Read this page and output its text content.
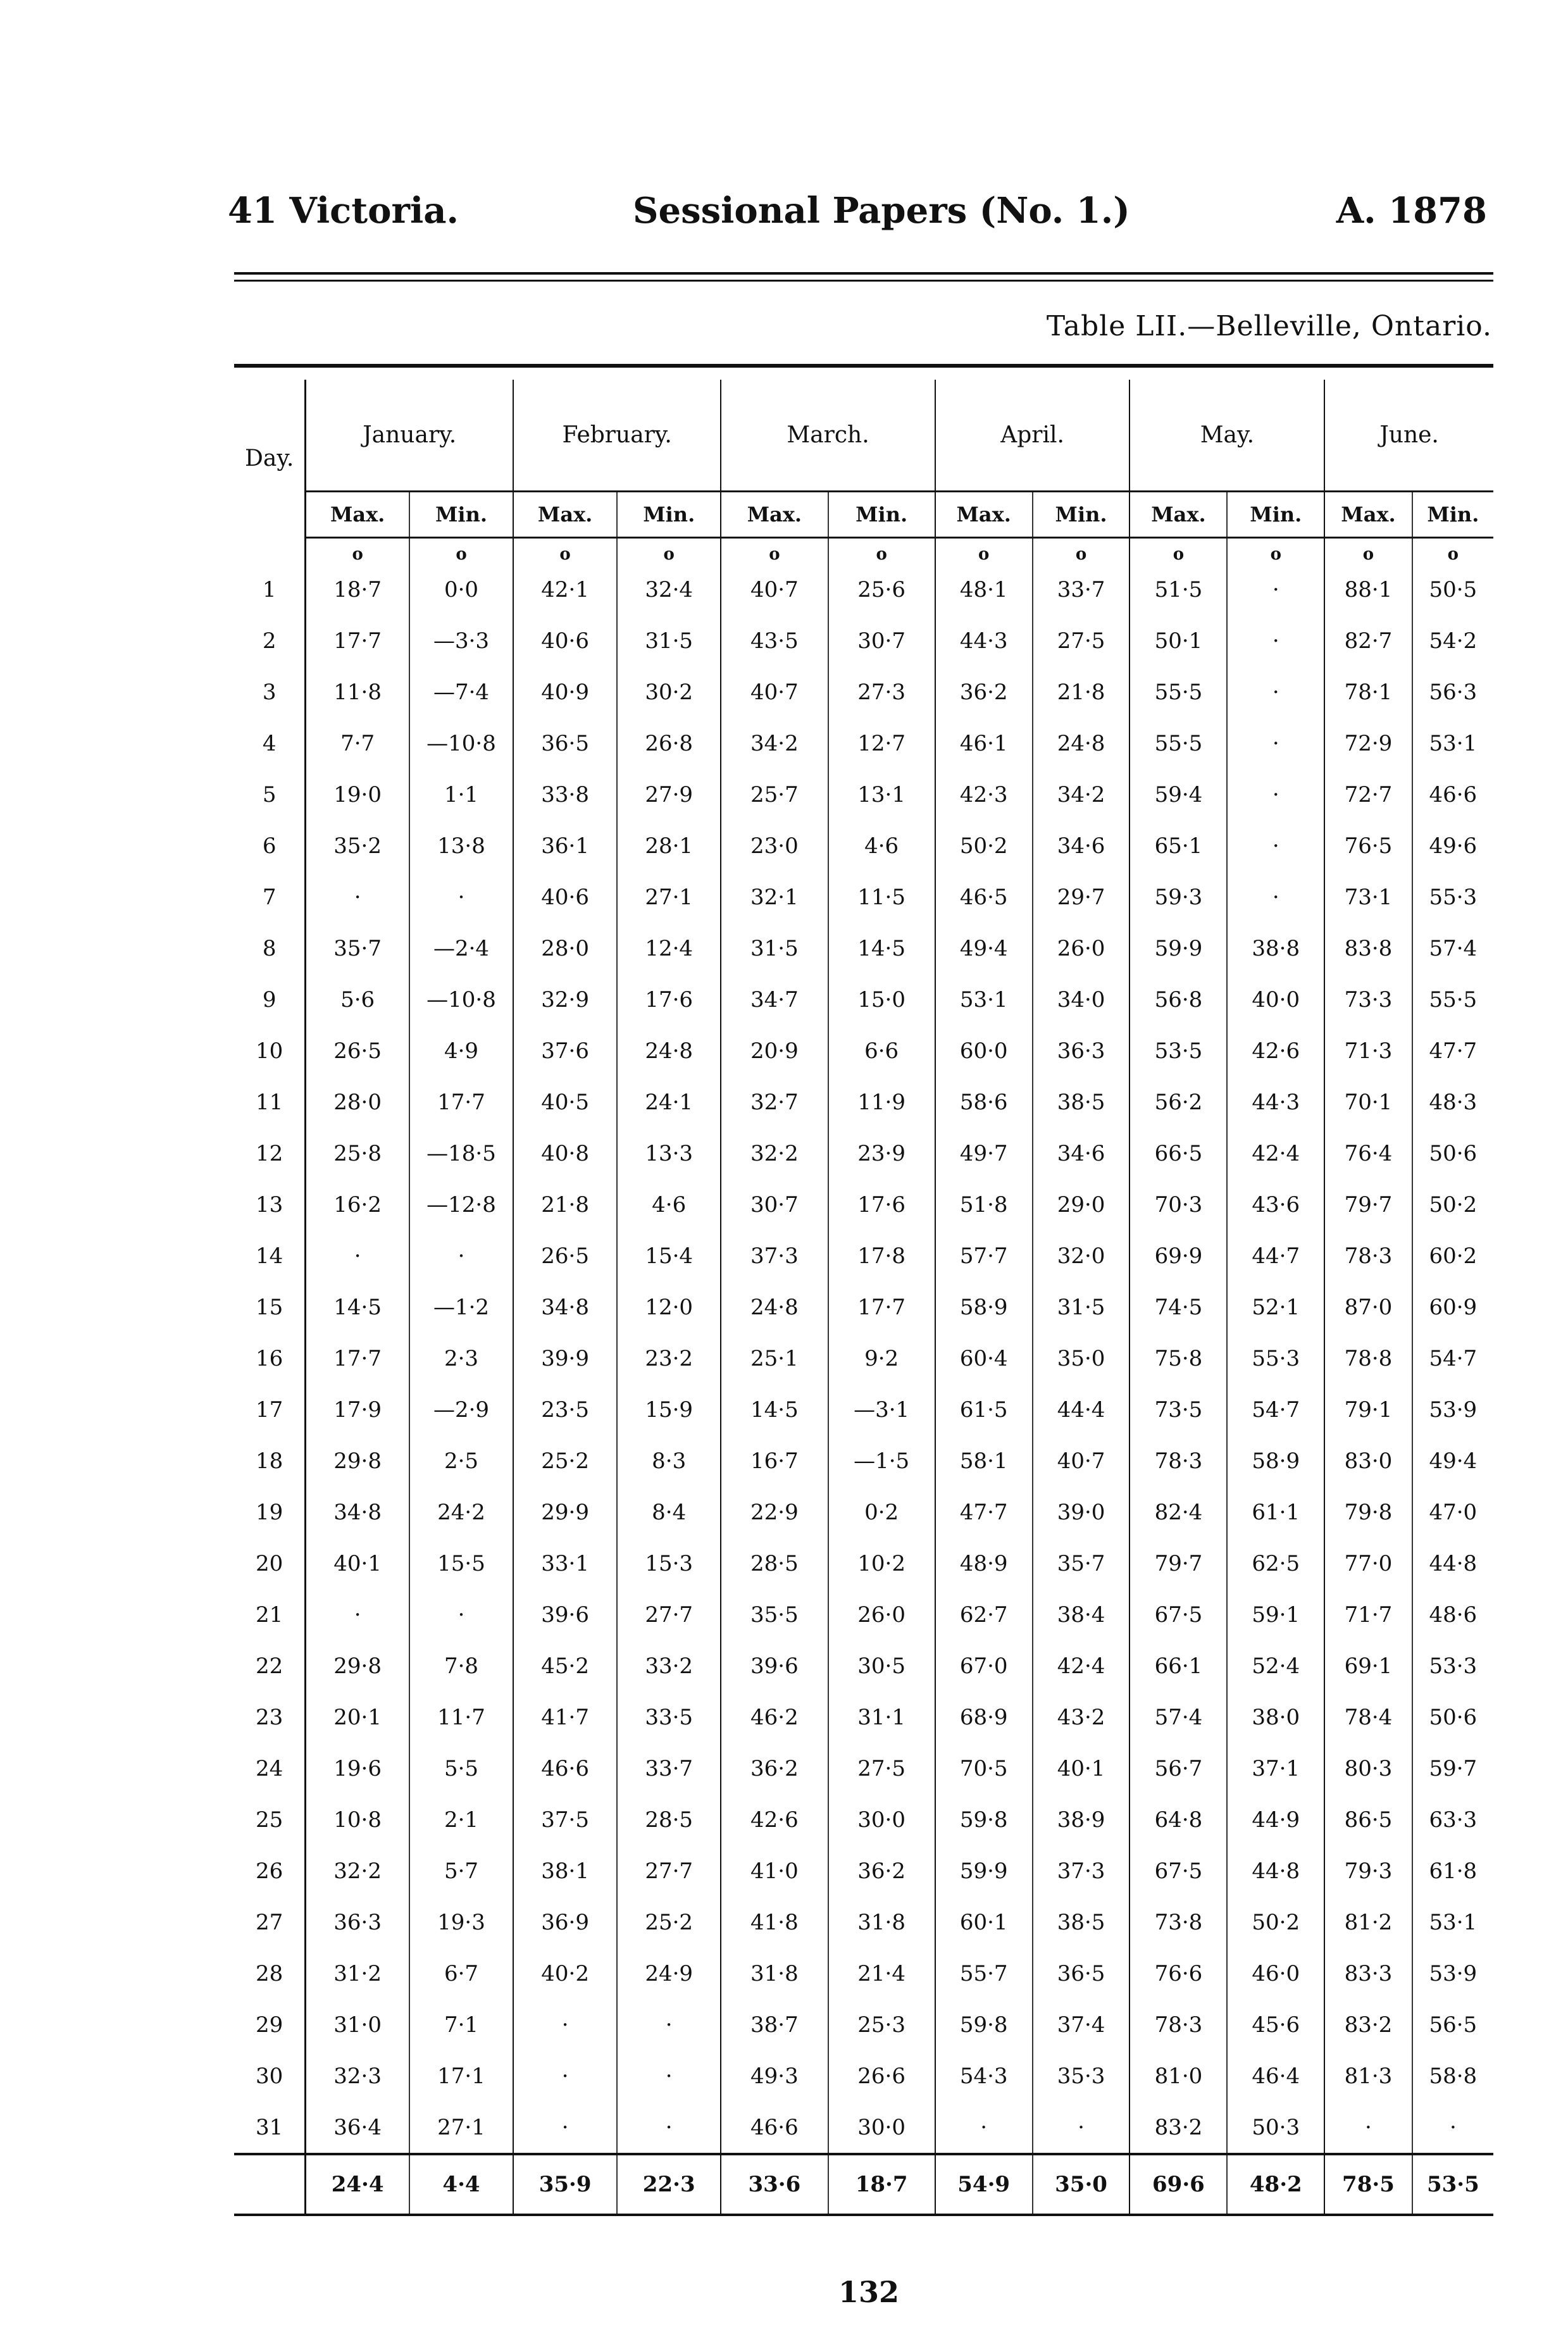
41 Victoria.	Sessional Papers (No. 1.)	A. 1878
Table LII.—Belleville, Ontario.
Day.	January.		February.		March.		April.		May.		June.	
	Max.	Min.	Max.	Min.	Max.	Min.	Max.	Min.	Max.	Min.	Max.	Min.
	o	o	o	o	o	o	o	o	o	o	o	o
1	18·7	0·0	42·1	32·4	40·7	25·6	48·1	33·7	51·5	·	88·1	50·5
2	17·7	—3·3	40·6	31·5	43·5	30·7	44·3	27·5	50·1	·	82·7	54·2
3	11·8	—7·4	40·9	30·2	40·7	27·3	36·2	21·8	55·5	·	78·1	56·3
4	7·7	—10·8	36·5	26·8	34·2	12·7	46·1	24·8	55·5	·	72·9	53·1
5	19·0	1·1	33·8	27·9	25·7	13·1	42·3	34·2	59·4	·	72·7	46·6
6	35·2	13·8	36·1	28·1	23·0	4·6	50·2	34·6	65·1	·	76·5	49·6
7	·	·	40·6	27·1	32·1	11·5	46·5	29·7	59·3	·	73·1	55·3
8	35·7	—2·4	28·0	12·4	31·5	14·5	49·4	26·0	59·9	38·8	83·8	57·4
9	5·6	—10·8	32·9	17·6	34·7	15·0	53·1	34·0	56·8	40·0	73·3	55·5
10	26·5	4·9	37·6	24·8	20·9	6·6	60·0	36·3	53·5	42·6	71·3	47·7
11	28·0	17·7	40·5	24·1	32·7	11·9	58·6	38·5	56·2	44·3	70·1	48·3
12	25·8	—18·5	40·8	13·3	32·2	23·9	49·7	34·6	66·5	42·4	76·4	50·6
13	16·2	—12·8	21·8	4·6	30·7	17·6	51·8	29·0	70·3	43·6	79·7	50·2
14	·	·	26·5	15·4	37·3	17·8	57·7	32·0	69·9	44·7	78·3	60·2
15	14·5	—1·2	34·8	12·0	24·8	17·7	58·9	31·5	74·5	52·1	87·0	60·9
16	17·7	2·3	39·9	23·2	25·1	9·2	60·4	35·0	75·8	55·3	78·8	54·7
17	17·9	—2·9	23·5	15·9	14·5	—3·1	61·5	44·4	73·5	54·7	79·1	53·9
18	29·8	2·5	25·2	8·3	16·7	—1·5	58·1	40·7	78·3	58·9	83·0	49·4
19	34·8	24·2	29·9	8·4	22·9	0·2	47·7	39·0	82·4	61·1	79·8	47·0
20	40·1	15·5	33·1	15·3	28·5	10·2	48·9	35·7	79·7	62·5	77·0	44·8
21	·	·	39·6	27·7	35·5	26·0	62·7	38·4	67·5	59·1	71·7	48·6
22	29·8	7·8	45·2	33·2	39·6	30·5	67·0	42·4	66·1	52·4	69·1	53·3
23	20·1	11·7	41·7	33·5	46·2	31·1	68·9	43·2	57·4	38·0	78·4	50·6
24	19·6	5·5	46·6	33·7	36·2	27·5	70·5	40·1	56·7	37·1	80·3	59·7
25	10·8	2·1	37·5	28·5	42·6	30·0	59·8	38·9	64·8	44·9	86·5	63·3
26	32·2	5·7	38·1	27·7	41·0	36·2	59·9	37·3	67·5	44·8	79·3	61·8
27	36·3	19·3	36·9	25·2	41·8	31·8	60·1	38·5	73·8	50·2	81·2	53·1
28	31·2	6·7	40·2	24·9	31·8	21·4	55·7	36·5	76·6	46·0	83·3	53·9
29	31·0	7·1	·	·	38·7	25·3	59·8	37·4	78·3	45·6	83·2	56·5
30	32·3	17·1	·	·	49·3	26·6	54·3	35·3	81·0	46·4	81·3	58·8
31	36·4	27·1	·	·	46·6	30·0	·	·	83·2	50·3	·	·
	24·4	4·4	35·9	22·3	33·6	18·7	54·9	35·0	69·6	48·2	78·5	53·5
132
